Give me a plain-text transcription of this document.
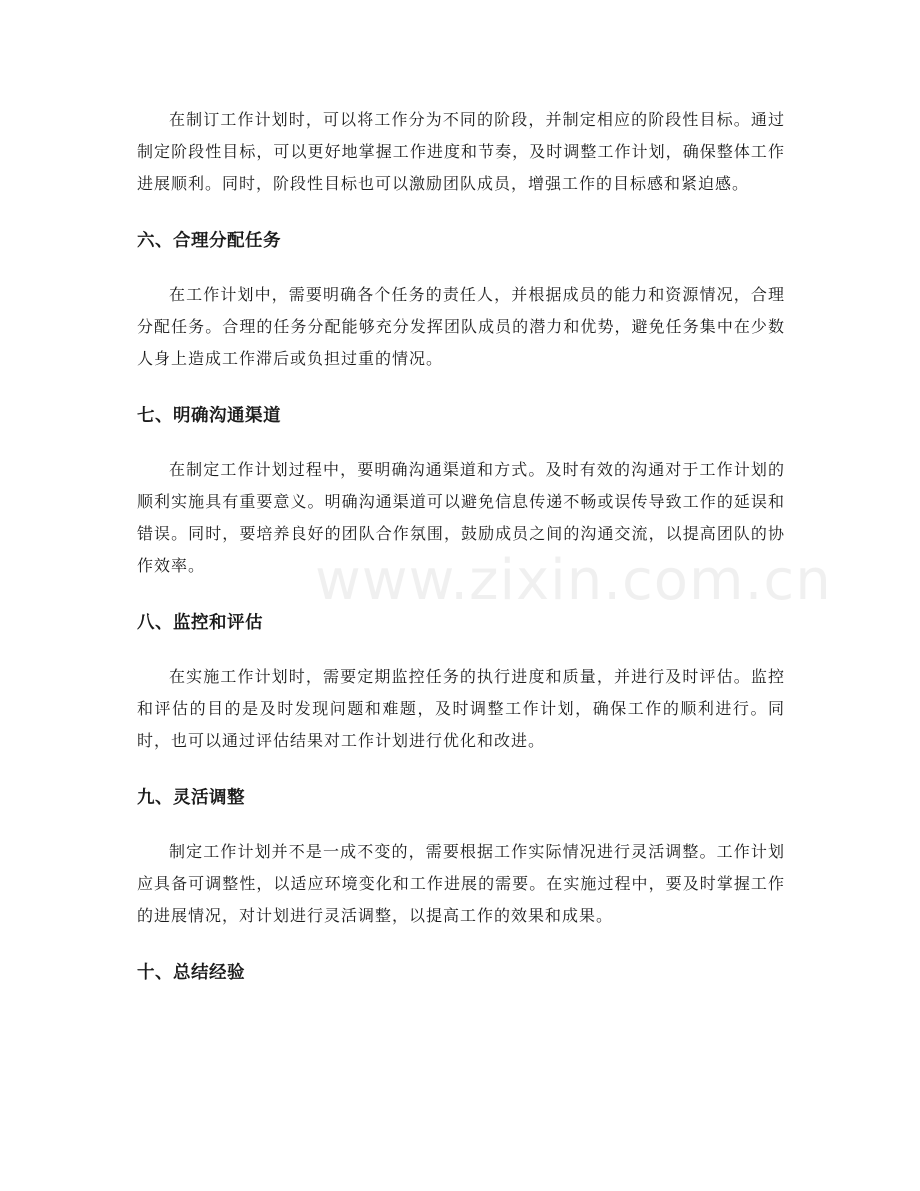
在制订工作计划时，可以将工作分为不同的阶段，并制定相应的阶段性目标。通过制定阶段性目标，可以更好地掌握工作进度和节奏，及时调整工作计划，确保整体工作进展顺利。同时，阶段性目标也可以激励团队成员，增强工作的目标感和紧迫感。

六、合理分配任务

在工作计划中，需要明确各个任务的责任人，并根据成员的能力和资源情况，合理分配任务。合理的任务分配能够充分发挥团队成员的潜力和优势，避免任务集中在少数人身上造成工作滞后或负担过重的情况。

七、明确沟通渠道

在制定工作计划过程中，要明确沟通渠道和方式。及时有效的沟通对于工作计划的顺利实施具有重要意义。明确沟通渠道可以避免信息传递不畅或误传导致工作的延误和错误。同时，要培养良好的团队合作氛围，鼓励成员之间的沟通交流，以提高团队的协作效率。

八、监控和评估

在实施工作计划时，需要定期监控任务的执行进度和质量，并进行及时评估。监控和评估的目的是及时发现问题和难题，及时调整工作计划，确保工作的顺利进行。同时，也可以通过评估结果对工作计划进行优化和改进。

九、灵活调整

制定工作计划并不是一成不变的，需要根据工作实际情况进行灵活调整。工作计划应具备可调整性，以适应环境变化和工作进展的需要。在实施过程中，要及时掌握工作的进展情况，对计划进行灵活调整，以提高工作的效果和成果。

十、总结经验
www.zixin.com.cn
